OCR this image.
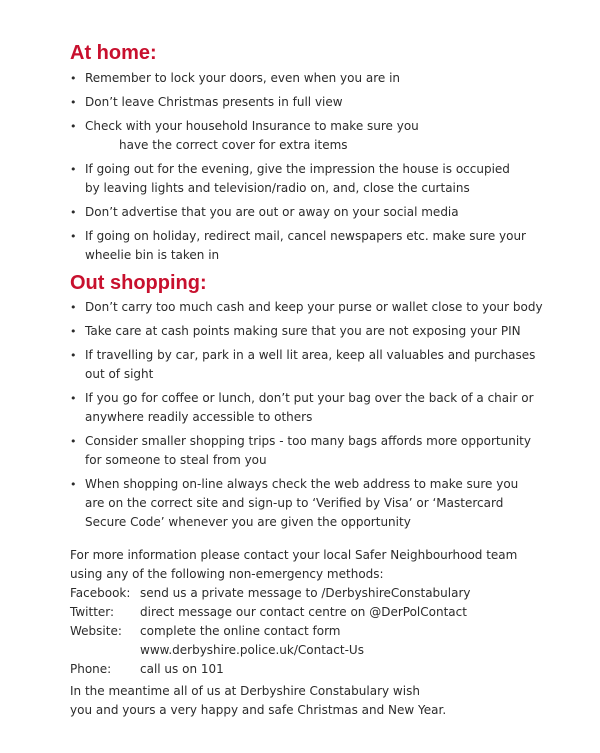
At home:
• Remember to lock your doors, even when you are in
• Don’t leave Christmas presents in full view
• Check with your household Insurance to make sure you
have the correct cover for extra items
• If going out for the evening, give the impression the house is occupied
by leaving lights and television/radio on, and, close the curtains
• Don’t advertise that you are out or away on your social media
• If going on holiday, redirect mail, cancel newspapers etc. make sure your
wheelie bin is taken in
Out shopping:
• Don’t carry too much cash and keep your purse or wallet close to your body
• Take care at cash points making sure that you are not exposing your PIN
• If travelling by car, park in a well lit area, keep all valuables and purchases
out of sight
• If you go for coffee or lunch, don’t put your bag over the back of a chair or
anywhere readily accessible to others
• Consider smaller shopping trips - too many bags affords more opportunity
for someone to steal from you
• When shopping on-line always check the web address to make sure you
are on the correct site and sign-up to ‘Verified by Visa’ or ‘Mastercard
Secure Code’ whenever you are given the opportunity

For more information please contact your local Safer Neighbourhood team
using any of the following non-emergency methods:

Facebook:	send us a private message to /DerbyshireConstabulary
Twitter:	direct message our contact centre on @DerPolContact
Website:	complete the online contact form
www.derbyshire.police.uk/Contact-Us
Phone:	call us on 101

In the meantime all of us at Derbyshire Constabulary wish
you and yours a very happy and safe Christmas and New Year.
